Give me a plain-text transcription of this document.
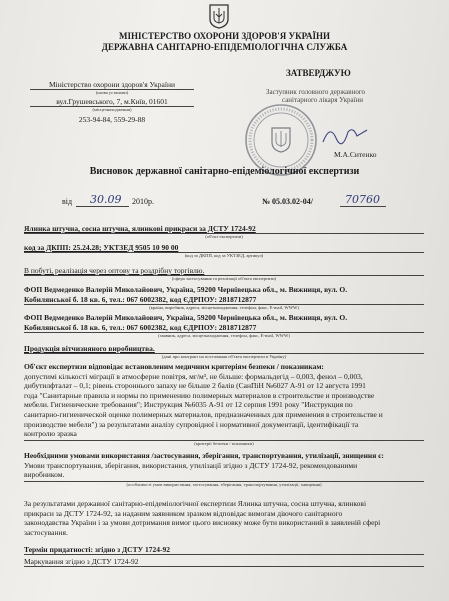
МІНІСТЕРСТВО ОХОРОНИ ЗДОРОВ'Я УКРАЇНИ
ДЕРЖАВНА САНІТАРНО-ЕПІДЕМІОЛОГІЧНА СЛУЖБА
Міністерство охорони здоров'я України
(назва установи)
вул.Грушевського, 7, м.Київ, 01601
(місцезнаходження)
253-94-84, 559-29-88
ЗАТВЕРДЖУЮ
Заступник головного державного
санітарного лікаря України
М.А.Ситенко
Висновок державної санітарно-епідеміологічної експертизи
від 30.09 2010р.	№ 05.03.02-04/	70760
Ялинка штучна, сосна штучна, ялинкові прикраси за ДСТУ 1724-92
(об'єкт експертизи)
код за ДКПП: 25.24.28; УКТЗЕД 9505 10 90 00
(код за ДКПП, код за УКТЗЕД, артикул)
В побуті, реалізація через оптову та роздрібну торгівлю.
(сфера застосування та реалізації об'єкта експертизи)
ФОП Ведмеденко Валерій Миколайович, Україна, 59200 Чернівецька обл., м. Вижниця, вул. О.
Кобилянської б. 18 кв. 6, тел.: 067 6002382, код ЄДРПОУ: 2818712877
(країна, виробник, адреса, місцезнаходження, телефон, факс, E-mail, WWW)
ФОП Ведмеденко Валерій Миколайович, Україна, 59200 Чернівецька обл., м. Вижниця, вул. О.
Кобилянської б. 18 кв. 6, тел.: 067 6002382, код ЄДРПОУ: 2818712877
(заявник, адреса, місцезнаходження, телефон, факс, E-mail, WWW)
Продукція вітчизняного виробництва.
(дані про контракт на постачання об'єкта експертизи в Україну)
Об'єкт експертизи відповідає встановленим медичним критеріям безпеки / показникам:
допустимі кількості міграції в атмосферне повітря, мг/м³, не більше: формальдегід – 0,003, фенол – 0,003,
дибутилфталат – 0,1; рівень стороннього запаху не більше 2 балів (СанПіН №6027 А-91 от 12 августа 1991
года "Санитарные правила и нормы по применению полимерных материалов в строительстве и производстве
мебели. Гигиенические требования"; Инструкция №6035 А-91 от 12 серпня 1991 року "Инструкция по
санитарно-гигиенической оценке полимерных материалов, предназначенных для применения в строительстве и
производстве мебели") за результатами аналізу супровідної і нормативної документації, ідентифікації та
контролю зразка
(критерії безпеки / показники)
Необхідними умовами використання /застосування, зберігання, транспортування, утилізації, знищення є:
Умови транспортування, зберігання, використання, утилізації згідно з ДСТУ 1724-92, рекомендованими
виробником.
(особливості умов використання, застосування, зберігання, транспортування, утилізації, знищення)
За результатами державної санітарно-епідеміологічної експертизи Ялинка штучна, сосна штучна, ялинкові
прикраси за ДСТУ 1724-92, за наданим заявником зразком відповідає вимогам діючого санітарного
законодавства України і за умови дотримання вимог цього висновку може бути використаний в заявленій сфері
застосування.
Термін придатності: згідно з ДСТУ 1724-92
Маркування згідно з ДСТУ 1724-92
